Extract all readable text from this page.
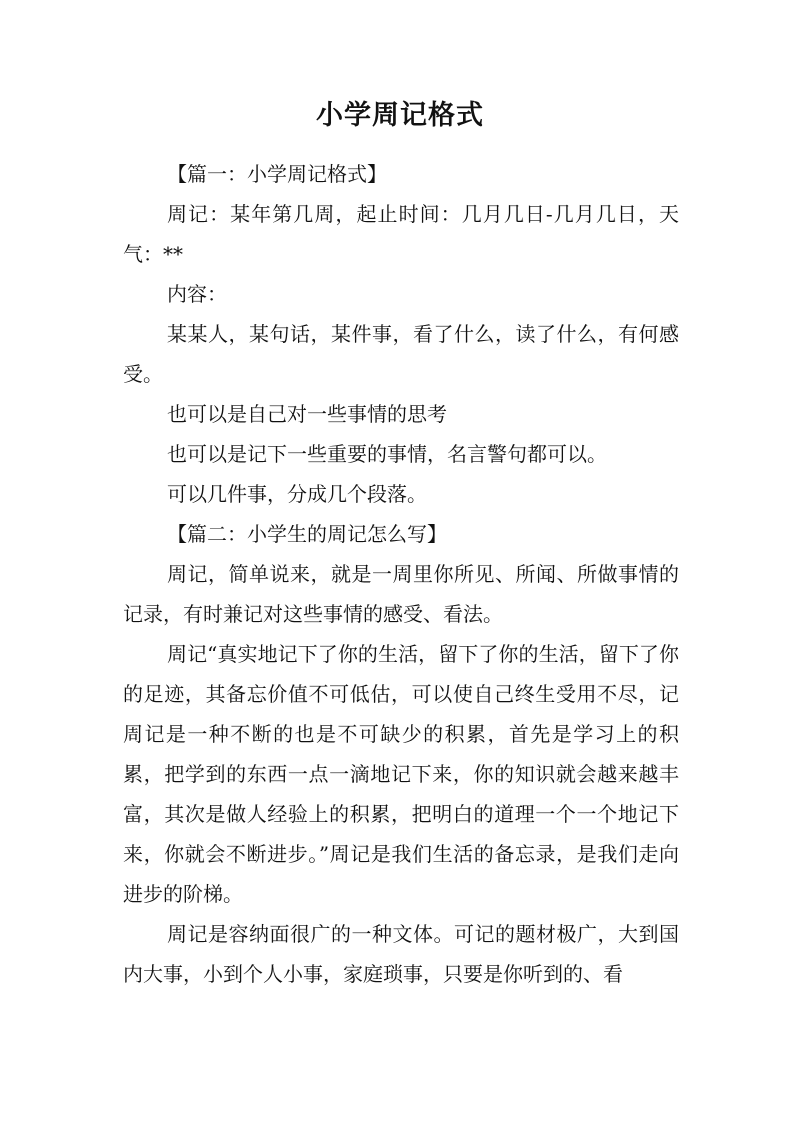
小学周记格式

【篇一：小学周记格式】

周记：某年第几周，起止时间：几月几日-几月几日，天气：**

内容：

某某人，某句话，某件事，看了什么，读了什么，有何感受。

也可以是自己对一些事情的思考

也可以是记下一些重要的事情，名言警句都可以。

可以几件事，分成几个段落。

【篇二：小学生的周记怎么写】

周记，简单说来，就是一周里你所见、所闻、所做事情的记录，有时兼记对这些事情的感受、看法。

周记“真实地记下了你的生活，留下了你的生活，留下了你的足迹，其备忘价值不可低估，可以使自己终生受用不尽，记周记是一种不断的也是不可缺少的积累，首先是学习上的积累，把学到的东西一点一滴地记下来，你的知识就会越来越丰富，其次是做人经验上的积累，把明白的道理一个一个地记下来，你就会不断进步。”周记是我们生活的备忘录，是我们走向进步的阶梯。

周记是容纳面很广的一种文体。可记的题材极广，大到国内大事，小到个人小事，家庭琐事，只要是你听到的、看
